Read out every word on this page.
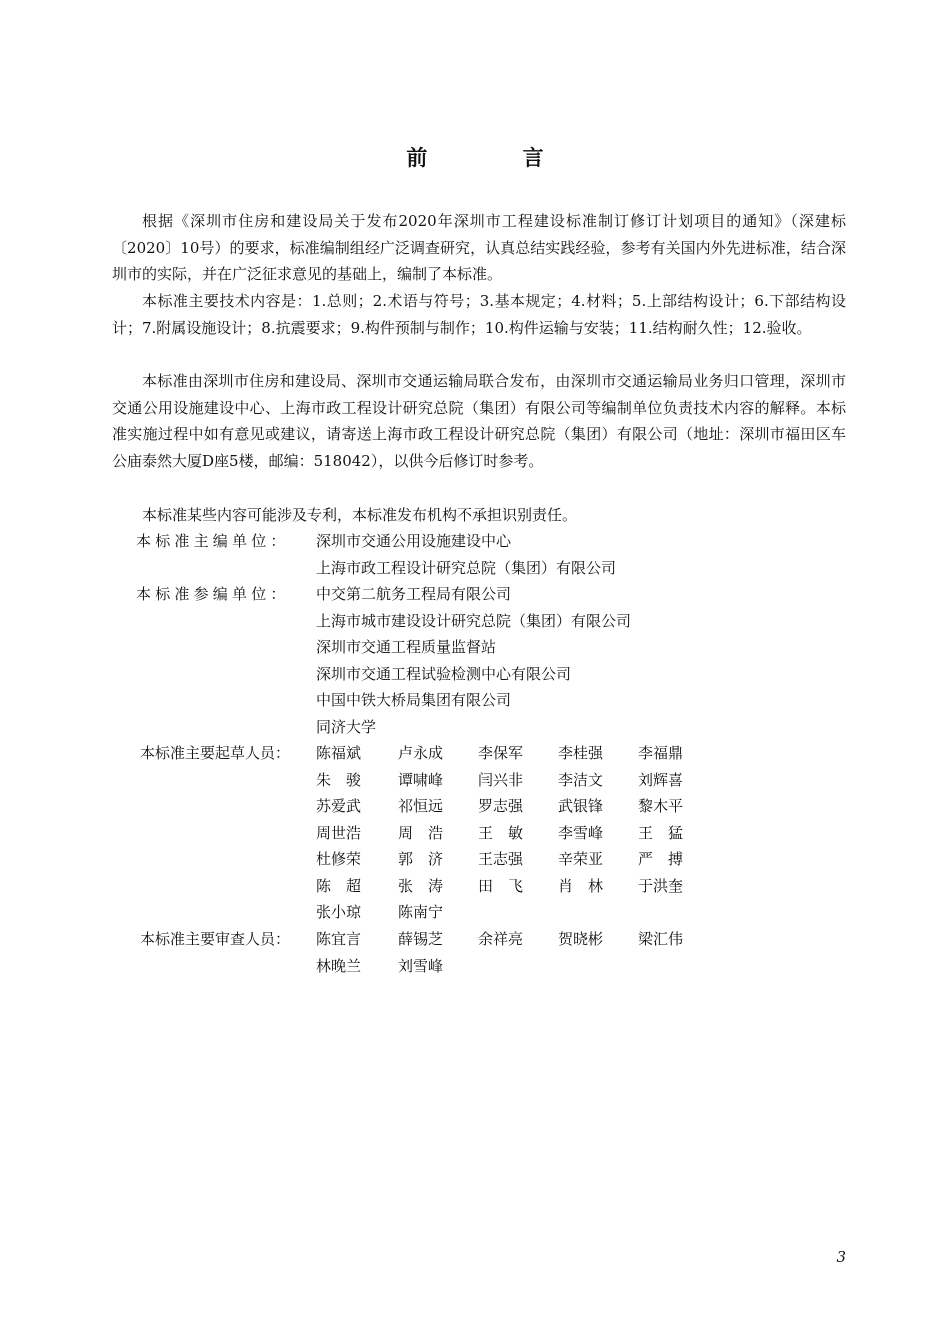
前 言

根据《深圳市住房和建设局关于发布2020年深圳市工程建设标准制订修订计划项目的通知》（深建标〔2020〕10号）的要求，标准编制组经广泛调查研究，认真总结实践经验，参考有关国内外先进标准，结合深圳市的实际，并在广泛征求意见的基础上，编制了本标准。

本标准主要技术内容是：1.总则；2.术语与符号；3.基本规定；4.材料；5.上部结构设计；6.下部结构设计；7.附属设施设计；8.抗震要求；9.构件预制与制作；10.构件运输与安装；11.结构耐久性；12.验收。

本标准由深圳市住房和建设局、深圳市交通运输局联合发布，由深圳市交通运输局业务归口管理，深圳市交通公用设施建设中心、上海市政工程设计研究总院（集团）有限公司等编制单位负责技术内容的解释。本标准实施过程中如有意见或建议，请寄送上海市政工程设计研究总院（集团）有限公司（地址：深圳市福田区车公庙泰然大厦D座5楼，邮编：518042），以供今后修订时参考。

本标准某些内容可能涉及专利，本标准发布机构不承担识别责任。

本标准主编单位：	深圳市交通公用设施建设中心
上海市政工程设计研究总院（集团）有限公司
本标准参编单位：	中交第二航务工程局有限公司
上海市城市建设设计研究总院（集团）有限公司
深圳市交通工程质量监督站
深圳市交通工程试验检测中心有限公司
中国中铁大桥局集团有限公司
同济大学
本标准主要起草人员：	陈福斌 卢永成 李保军 李桂强 李福鼎
朱　骏 谭啸峰 闫兴非 李洁文 刘辉喜
苏爱武 祁恒远 罗志强 武银锋 黎木平
周世浩 周　浩 王　敏 李雪峰 王　猛
杜修荣 郭　济 王志强 辛荣亚 严　搏
陈　超 张　涛 田　飞 肖　林 于洪奎
张小琼 陈南宁
本标准主要审查人员：	陈宜言 薛锡芝 余祥亮 贺晓彬 梁汇伟
林晚兰 刘雪峰
3
